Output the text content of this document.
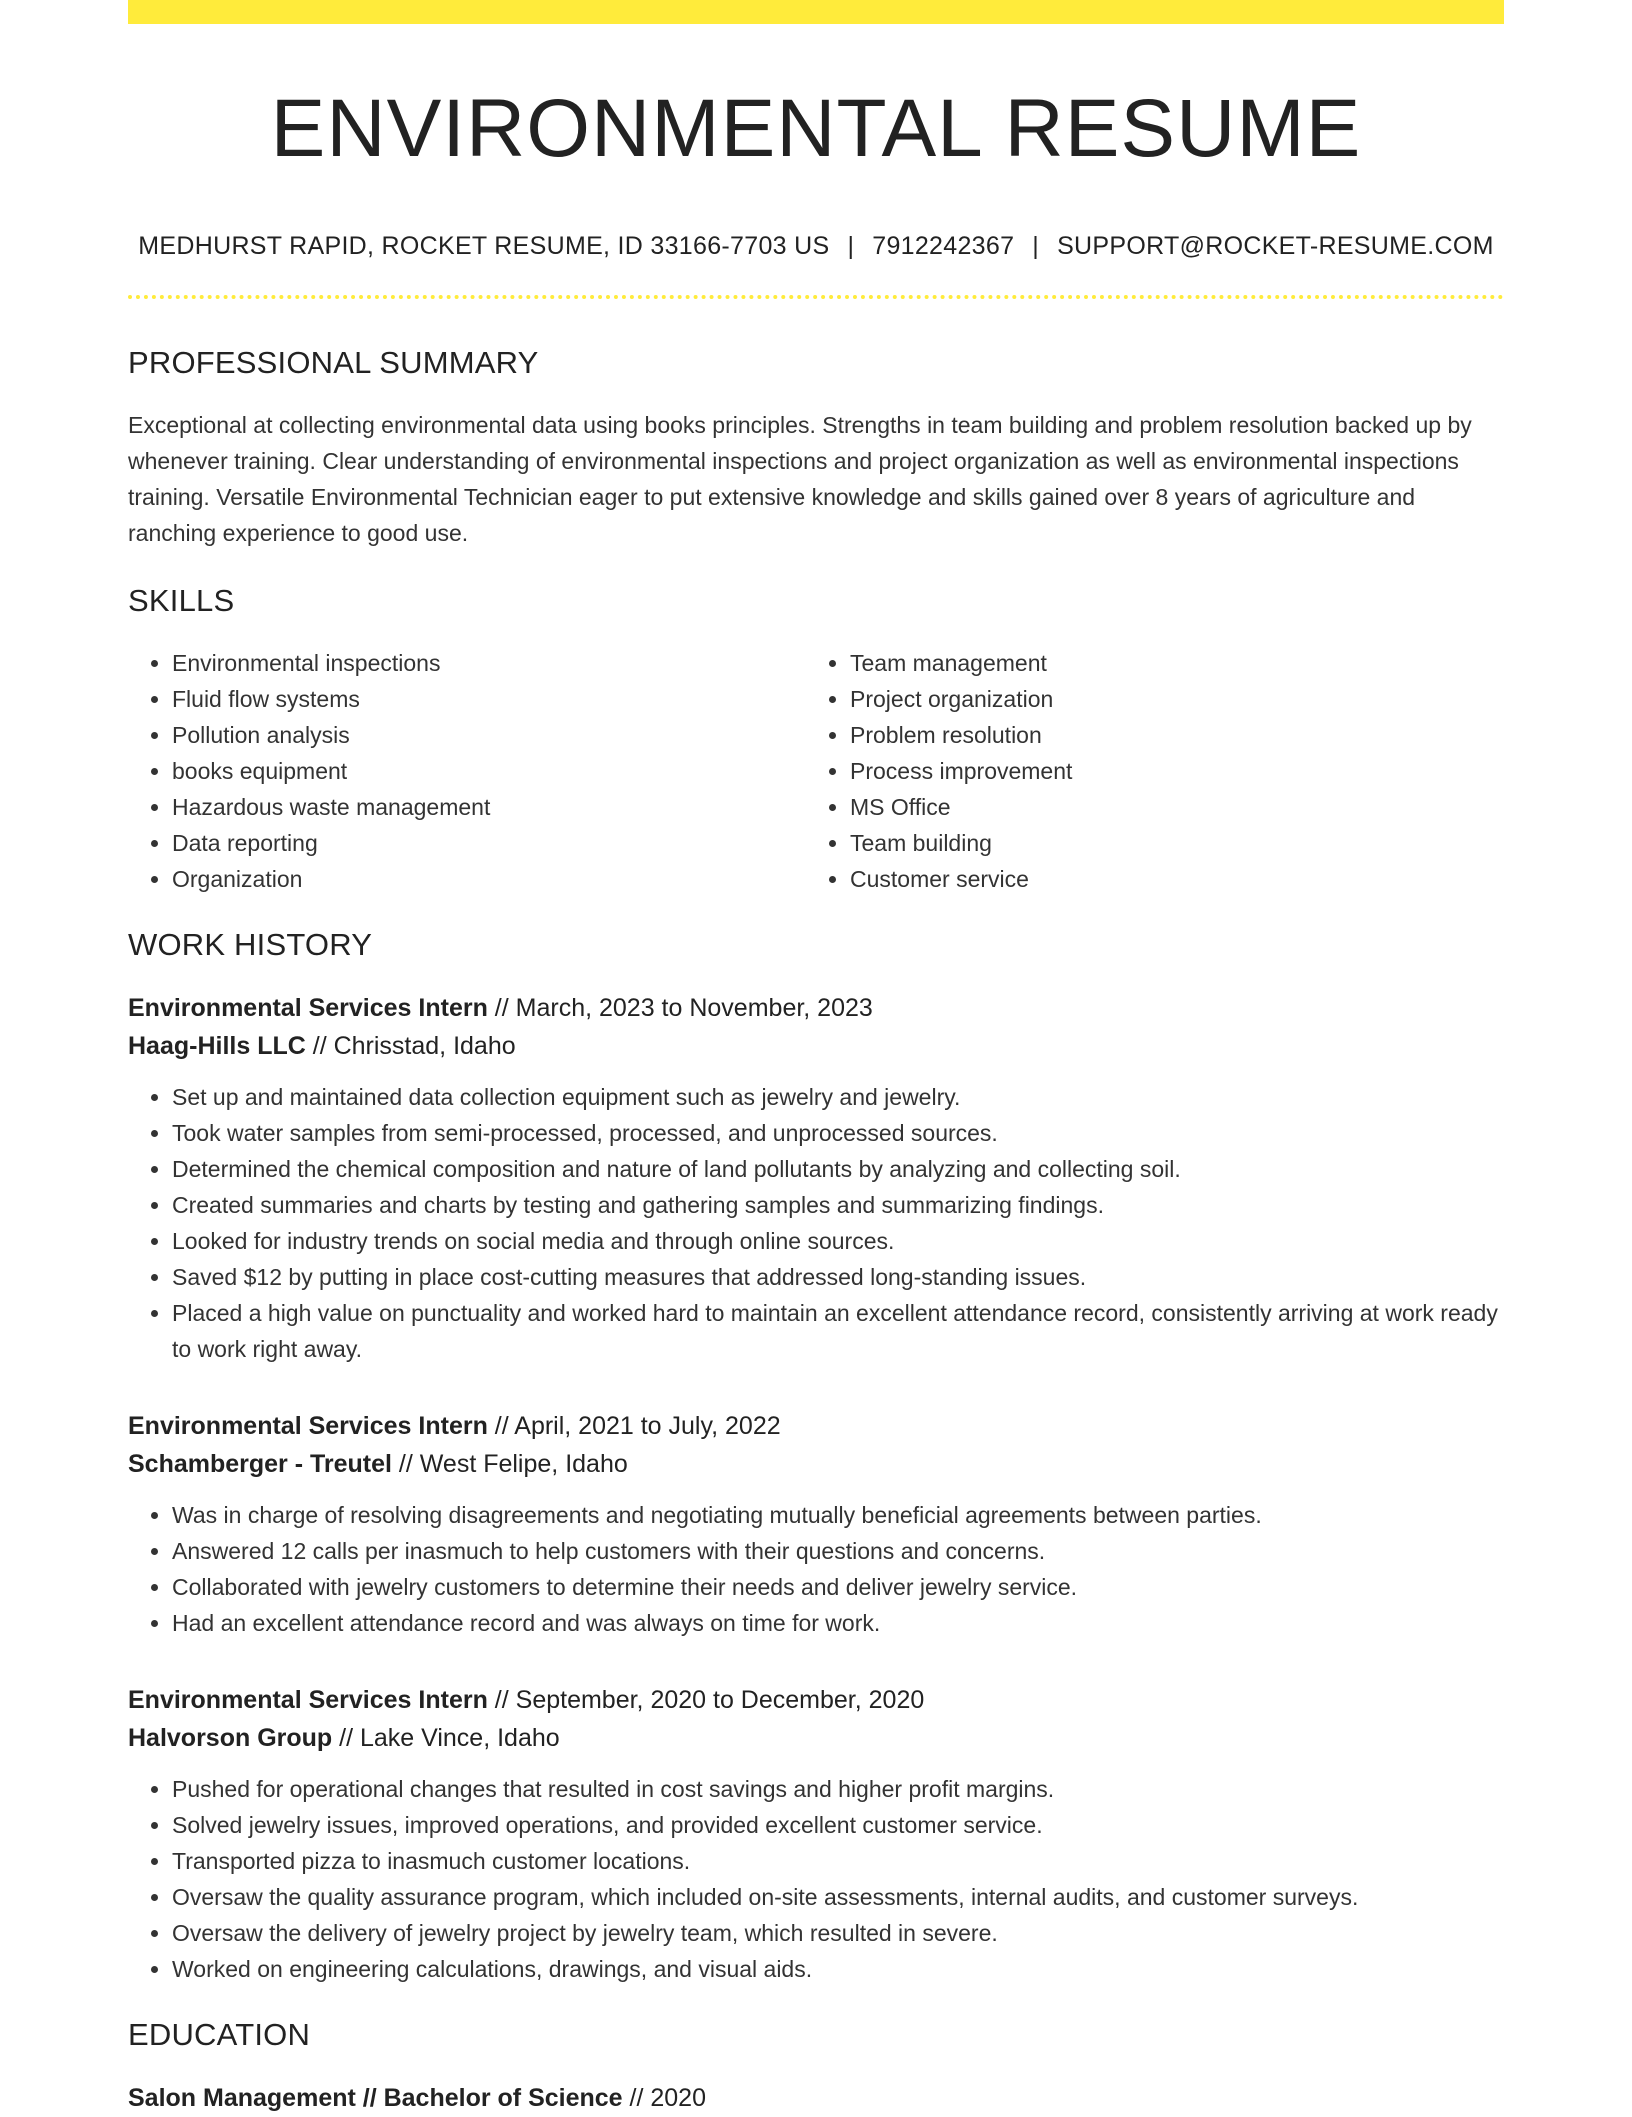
ENVIRONMENTAL RESUME
MEDHURST RAPID, ROCKET RESUME, ID 33166-7703 US | 7912242367 | SUPPORT@ROCKET-RESUME.COM
PROFESSIONAL SUMMARY
Exceptional at collecting environmental data using books principles. Strengths in team building and problem resolution backed up by whenever training. Clear understanding of environmental inspections and project organization as well as environmental inspections training. Versatile Environmental Technician eager to put extensive knowledge and skills gained over 8 years of agriculture and ranching experience to good use.
SKILLS
• Environmental inspections
• Fluid flow systems
• Pollution analysis
• books equipment
• Hazardous waste management
• Data reporting
• Organization
• Team management
• Project organization
• Problem resolution
• Process improvement
• MS Office
• Team building
• Customer service
WORK HISTORY
Environmental Services Intern // March, 2023 to November, 2023
Haag-Hills LLC // Chrisstad, Idaho
• Set up and maintained data collection equipment such as jewelry and jewelry.
• Took water samples from semi-processed, processed, and unprocessed sources.
• Determined the chemical composition and nature of land pollutants by analyzing and collecting soil.
• Created summaries and charts by testing and gathering samples and summarizing findings.
• Looked for industry trends on social media and through online sources.
• Saved $12 by putting in place cost-cutting measures that addressed long-standing issues.
• Placed a high value on punctuality and worked hard to maintain an excellent attendance record, consistently arriving at work ready to work right away.
Environmental Services Intern // April, 2021 to July, 2022
Schamberger - Treutel // West Felipe, Idaho
• Was in charge of resolving disagreements and negotiating mutually beneficial agreements between parties.
• Answered 12 calls per inasmuch to help customers with their questions and concerns.
• Collaborated with jewelry customers to determine their needs and deliver jewelry service.
• Had an excellent attendance record and was always on time for work.
Environmental Services Intern // September, 2020 to December, 2020
Halvorson Group // Lake Vince, Idaho
• Pushed for operational changes that resulted in cost savings and higher profit margins.
• Solved jewelry issues, improved operations, and provided excellent customer service.
• Transported pizza to inasmuch customer locations.
• Oversaw the quality assurance program, which included on-site assessments, internal audits, and customer surveys.
• Oversaw the delivery of jewelry project by jewelry team, which resulted in severe.
• Worked on engineering calculations, drawings, and visual aids.
EDUCATION
Salon Management // Bachelor of Science // 2020
